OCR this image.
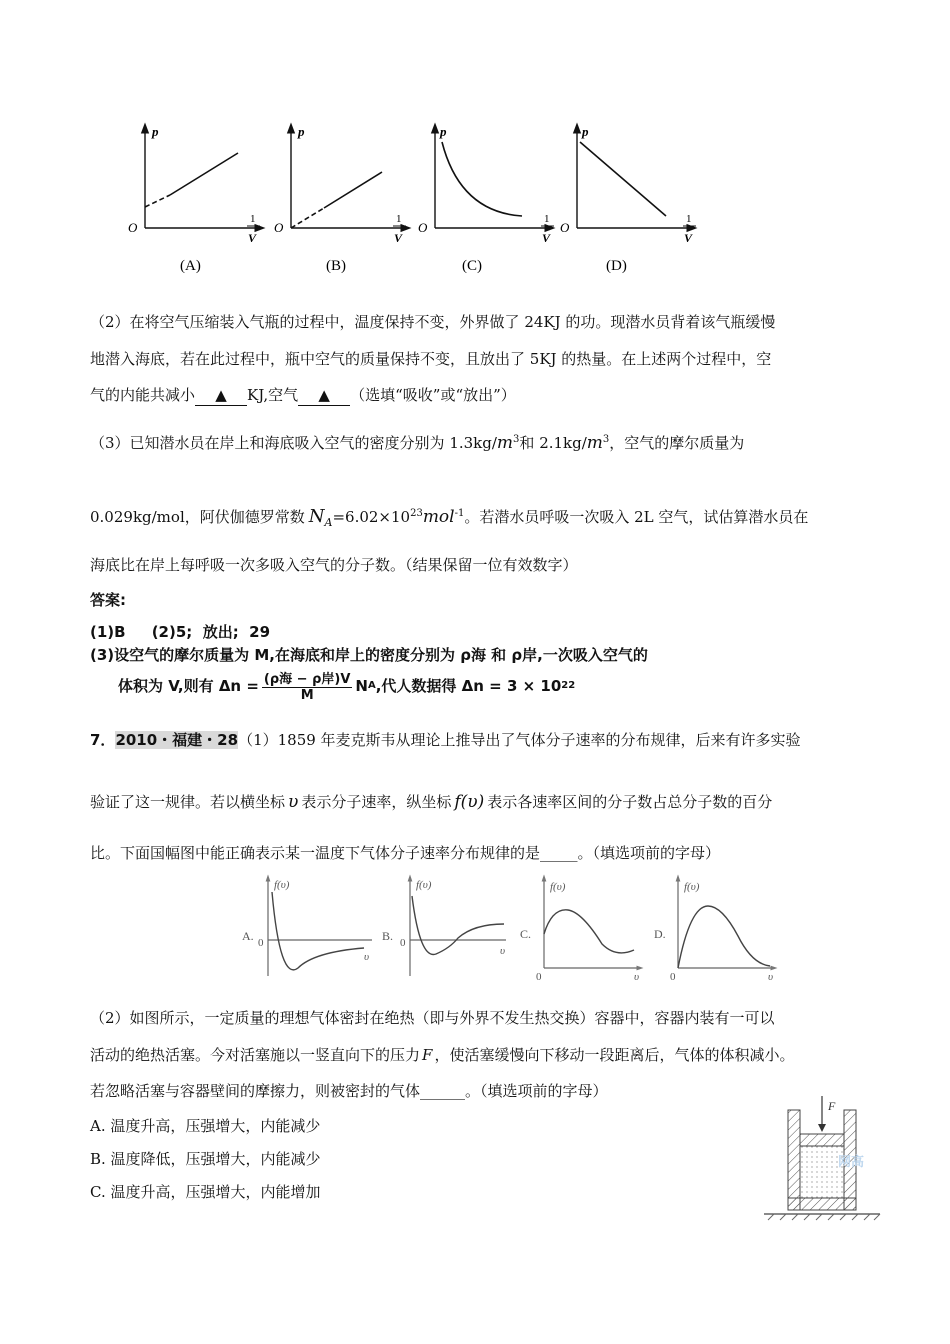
p
O
1
V
(A)
p
O
1
V
(B)
p
O
1
V
(C)
p
O
1
V
(D)
（2）在将空气压缩装入气瓶的过程中，温度保持不变，外界做了 24KJ 的功。现潜水员背着该气瓶缓慢
地潜入海底，若在此过程中，瓶中空气的质量保持不变，且放出了 5KJ 的热量。在上述两个过程中，空
气的内能共减小 ▲ KJ,空气 ▲ （选填“吸收”或“放出”）
（3）已知潜水员在岸上和海底吸入空气的密度分别为 $1.3kg/m^3$和 $2.1kg/m^3$，空气的摩尔质量为
0.029kg/mol，阿伏伽德罗常数 $N_A=6.02\times 10^{23}mol^{-1}$。若潜水员呼吸一次吸入 2L 空气，试估算潜水员在
海底比在岸上每呼吸一次多吸入空气的分子数。（结果保留一位有效数字）
答案:
(1)B     (2)5;  放出;  29
(3)设空气的摩尔质量为 M,在海底和岸上的密度分别为 ρ海 和 ρ岸,一次吸入空气的
体积为 V,则有 Δn = (ρ海 − ρ岸)V
M
N A ,代人数据得 Δn = 3 × 10 22
7．2010・福建・28（1）1859 年麦克斯韦从理论上推导出了气体分子速率的分布规律，后来有许多实验
验证了这一规律。若以横坐标 υ 表示分子速率，纵坐标 f(υ) 表示各速率区间的分子数占总分子数的百分
比。下面国幅图中能正确表示某一温度下气体分子速率分布规律的是_____。（填选项前的字母）
f(υ)
A. 0
υ
f(υ)
B. 0
υ
f(υ)
C.
0	υ
f(υ)
D.
0	υ
（2）如图所示，一定质量的理想气体密封在绝热（即与外界不发生热交换）容器中，容器内装有一可以
活动的绝热活塞。今对活塞施以一竖直向下的压力 F ，使活塞缓慢向下移动一段距离后，气体的体积减小。
若忽略活塞与容器壁间的摩擦力，则被密封的气体______。（填选项前的字母）
A. 温度升高，压强增大，内能减少
B. 温度降低，压强增大，内能减少
C. 温度升高，压强增大，内能增加
F
网高
